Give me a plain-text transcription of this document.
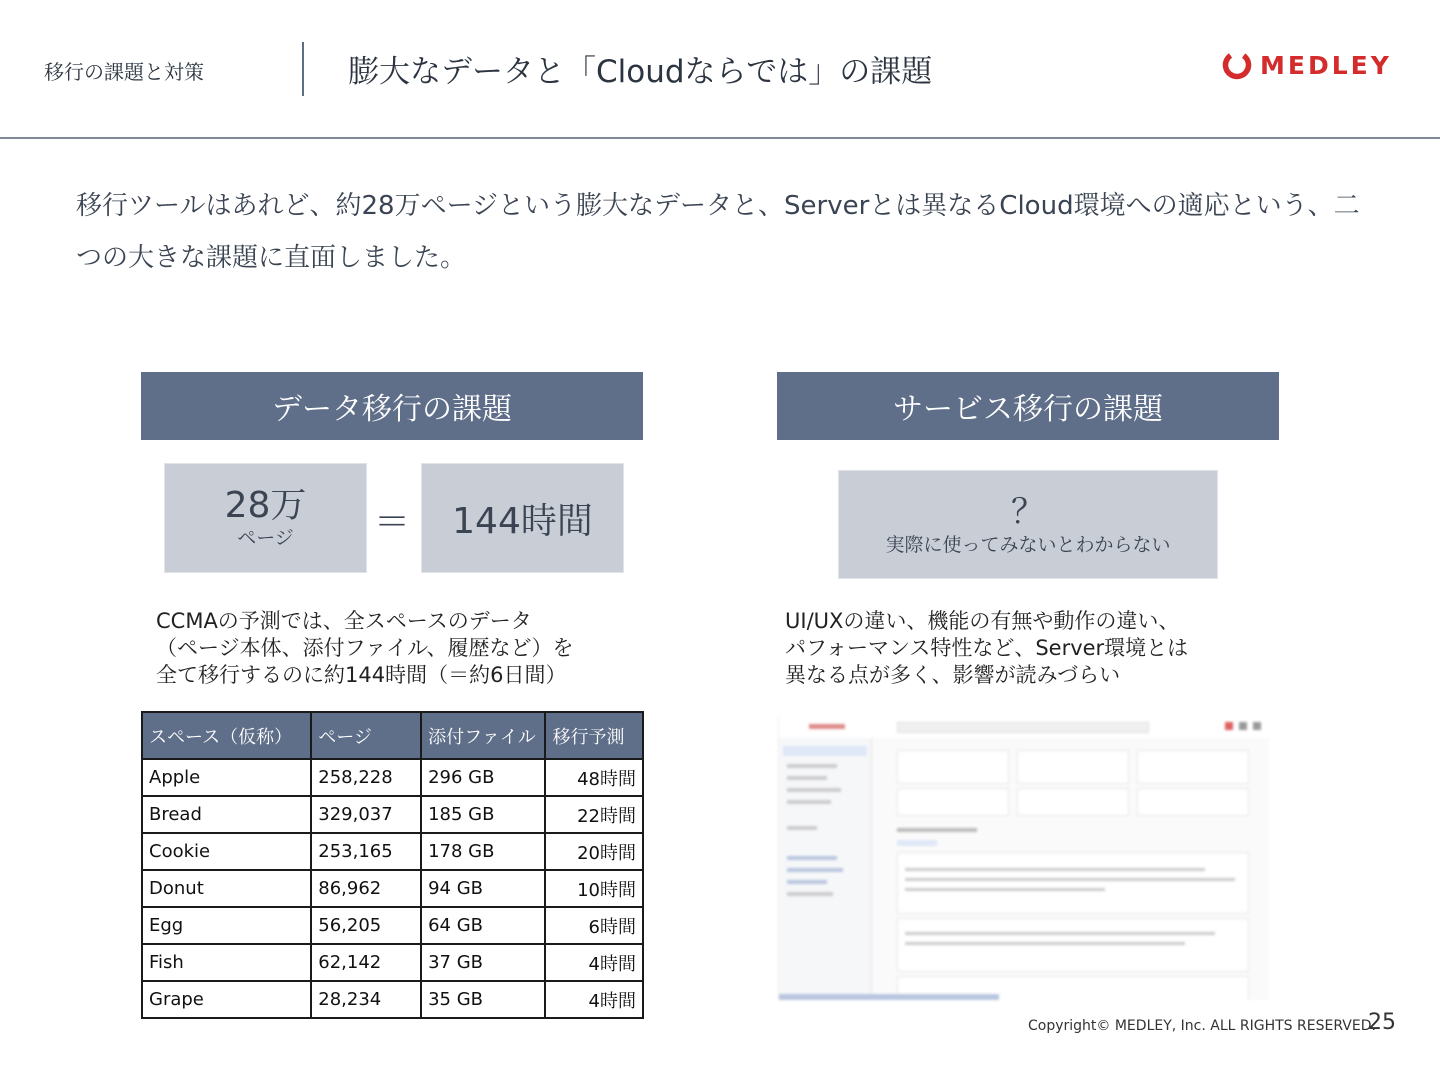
移行の課題と対策	膨大なデータと「Cloudならでは」の課題	MEDLEY
移行ツールはあれど、約28万ページという膨大なデータと、Serverとは異なるCloud環境への適応という、二つの大きな課題に直面しました。
データ移行の課題
28万
ページ ＝ 144時間
CCMAの予測では、全スペースのデータ
（ページ本体、添付ファイル、履歴など）を
全て移行するのに約144時間（＝約6日間）
スペース（仮称）	ページ	添付ファイル	移行予測
Apple	258,228	296 GB	48時間
Bread	329,037	185 GB	22時間
Cookie	253,165	178 GB	20時間
Donut	86,962	94 GB	10時間
Egg	56,205	64 GB	6時間
Fish	62,142	37 GB	4時間
Grape	28,234	35 GB	4時間
サービス移行の課題
？
実際に使ってみないとわからない
UI/UXの違い、機能の有無や動作の違い、
パフォーマンス特性など、Server環境とは
異なる点が多く、影響が読みづらい
Copyright© MEDLEY, Inc. ALL RIGHTS RESERVED.
25
